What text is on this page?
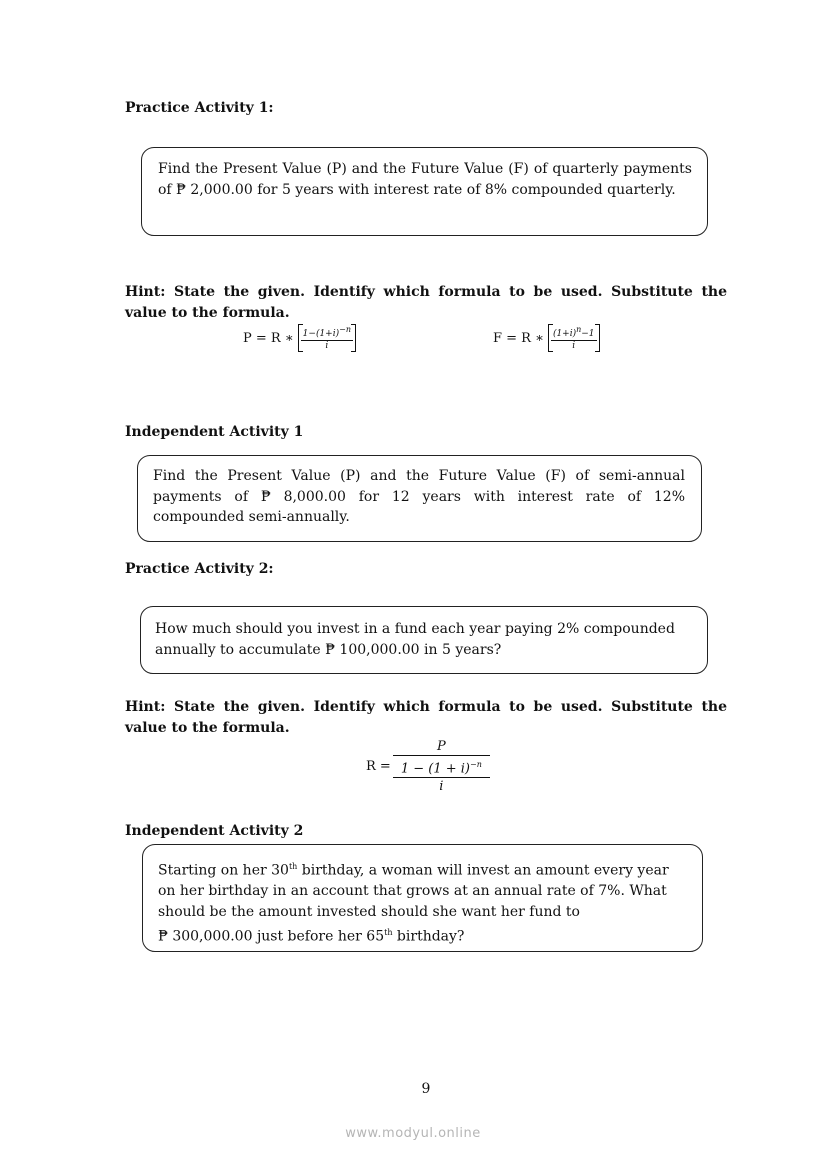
Practice Activity 1:

Find the Present Value (P) and the Future Value (F) of quarterly payments of ₱ 2,000.00 for 5 years with interest rate of 8% compounded quarterly.

Hint: State the given. Identify which formula to be used. Substitute the value to the formula.
P = R ∗ $\frac{1-(1+i)^{-n}}{i}$	F = R ∗ $\frac{(1+i)^n-1}{i}$
Independent Activity 1

Find the Present Value (P) and the Future Value (F) of semi-annual payments of ₱ 8,000.00 for 12 years with interest rate of 12% compounded semi-annually.

Practice Activity 2:

How much should you invest in a fund each year paying 2% compounded annually to accumulate ₱ 100,000.00 in 5 years?

Hint: State the given. Identify which formula to be used. Substitute the value to the formula.
R = P
$1 - (1 + i)^{-n}$
i
Independent Activity 2

Starting on her 30th birthday, a woman will invest an amount every year on her birthday in an account that grows at an annual rate of 7%. What should be the amount invested should she want her fund to
₱ 300,000.00 just before her 65th birthday?

9
www.modyul.online
